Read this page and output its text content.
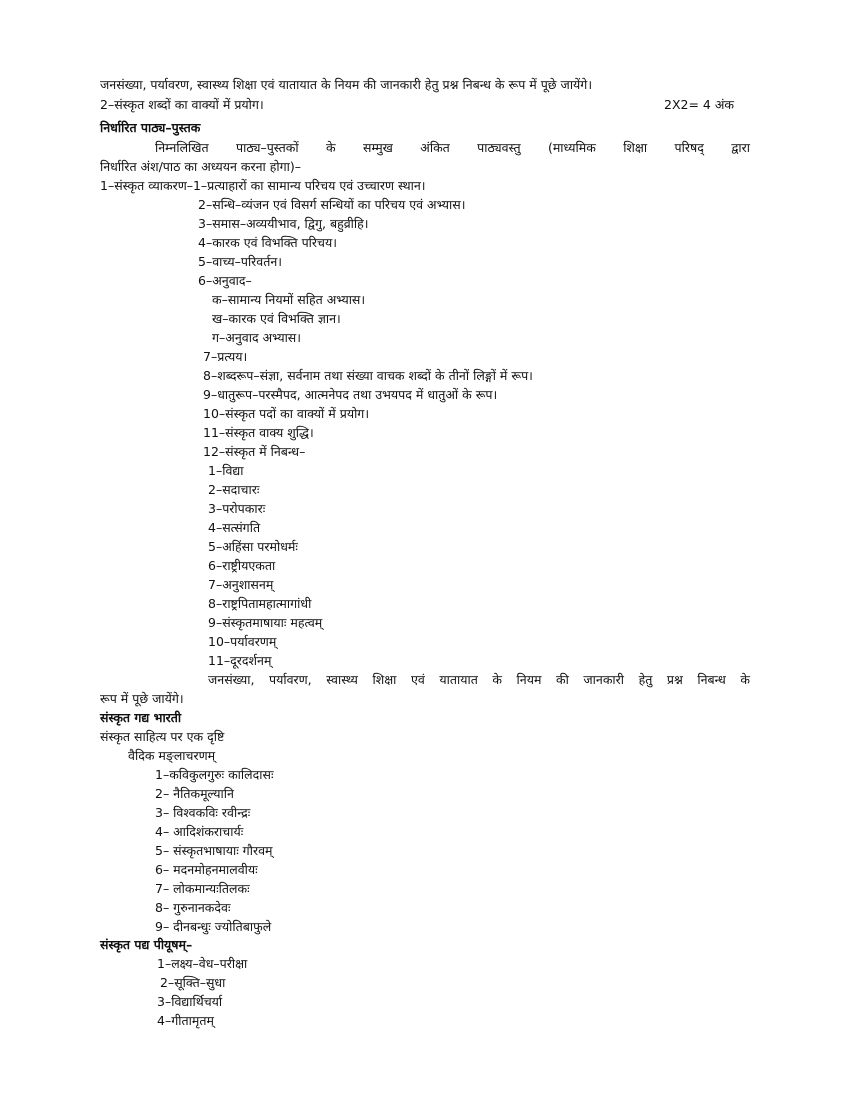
जनसंख्या, पर्यावरण, स्वास्थ्य शिक्षा एवं यातायात के नियम की जानकारी हेतु प्रश्न निबन्ध के रूप में पूछे जायेंगे।
2–संस्कृत शब्दों का वाक्यों में प्रयोग।	2X2= 4 अंक
निर्धारित पाठ्य–पुस्तक
निम्नलिखित पाठ्य–पुस्तकों के सम्मुख अंकित पाठ्यवस्तु (माध्यमिक शिक्षा परिषद् द्वारा
निर्धारित अंश/पाठ का अध्ययन करना होगा)–
1–संस्कृत व्याकरण–1–प्रत्याहारों का सामान्य परिचय एवं उच्चारण स्थान।
2–सन्धि–व्यंजन एवं विसर्ग सन्धियों का परिचय एवं अभ्यास।
3–समास–अव्ययीभाव, द्विगु, बहुव्रीहि।
4–कारक एवं विभक्ति परिचय।
5–वाच्य–परिवर्तन।
6–अनुवाद–
क–सामान्य नियमों सहित अभ्यास।
ख–कारक एवं विभक्ति ज्ञान।
ग–अनुवाद अभ्यास।
7–प्रत्यय।
8–शब्दरूप–संज्ञा, सर्वनाम तथा संख्या वाचक शब्दों के तीनों लिङ्गों में रूप।
9–धातुरूप–परस्मैपद, आत्मनेपद तथा उभयपद में धातुओं के रूप।
10–संस्कृत पदों का वाक्यों में प्रयोग।
11–संस्कृत वाक्य शुद्धि।
12–संस्कृत में निबन्ध–
1–विद्या
2–सदाचारः
3–परोपकारः
4–सत्संगति
5–अहिंसा परमोधर्मः
6–राष्ट्रीयएकता
7–अनुशासनम्
8–राष्ट्रपितामहात्मागांधी
9–संस्कृतमाषायाः महत्वम्
10–पर्यावरणम्
11–दूरदर्शनम्
जनसंख्या, पर्यावरण, स्वास्थ्य शिक्षा एवं यातायात के नियम की जानकारी हेतु प्रश्न निबन्ध के
रूप में पूछे जायेंगे।
संस्कृत गद्य भारती
संस्कृत साहित्य पर एक दृष्टि
वैदिक मङ्लाचरणम्
1–कविकुलगुरुः कालिदासः
2– नैतिकमूल्यानि
3– विश्वकविः रवीन्द्रः
4– आदिशंकराचार्यः
5– संस्कृतभाषायाः गौरवम्
6– मदनमोहनमालवीयः
7– लोकमान्यःतिलकः
8– गुरुनानकदेवः
9– दीनबन्धुः ज्योतिबाफुले
संस्कृत पद्य पीयूषम्–
1–लक्ष्य–वेध–परीक्षा
2–सूक्ति–सुधा
3–विद्यार्थिचर्या
4–गीतामृतम्
